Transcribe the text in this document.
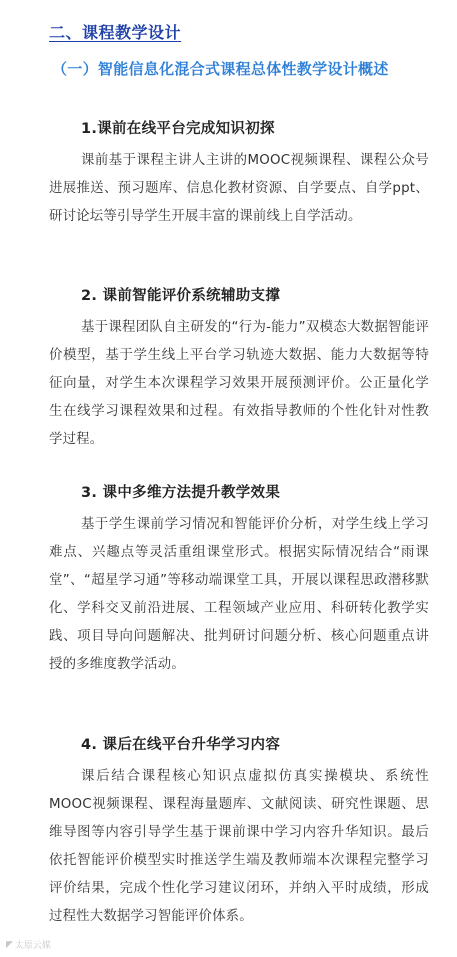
二、课程教学设计
（一）智能信息化混合式课程总体性教学设计概述
1.课前在线平台完成知识初探
课前基于课程主讲人主讲的MOOC视频课程、课程公众号进展推送、预习题库、信息化教材资源、自学要点、自学ppt、研讨论坛等引导学生开展丰富的课前线上自学活动。
2. 课前智能评价系统辅助支撑
基于课程团队自主研发的“行为-能力”双模态大数据智能评价模型，基于学生线上平台学习轨迹大数据、能力大数据等特征向量，对学生本次课程学习效果开展预测评价。公正量化学生在线学习课程效果和过程。有效指导教师的个性化针对性教学过程。
3. 课中多维方法提升教学效果
基于学生课前学习情况和智能评价分析，对学生线上学习难点、兴趣点等灵活重组课堂形式。根据实际情况结合“雨课堂”、“超星学习通”等移动端课堂工具，开展以课程思政潜移默化、学科交叉前沿进展、工程领域产业应用、科研转化教学实践、项目导向问题解决、批判研讨问题分析、核心问题重点讲授的多维度教学活动。
4. 课后在线平台升华学习内容
课后结合课程核心知识点虚拟仿真实操模块、系统性MOOC视频课程、课程海量题库、文献阅读、研究性课题、思维导图等内容引导学生基于课前课中学习内容升华知识。最后依托智能评价模型实时推送学生端及教师端本次课程完整学习评价结果，完成个性化学习建议闭环，并纳入平时成绩，形成过程性大数据学习智能评价体系。
◤ 太原云媒
